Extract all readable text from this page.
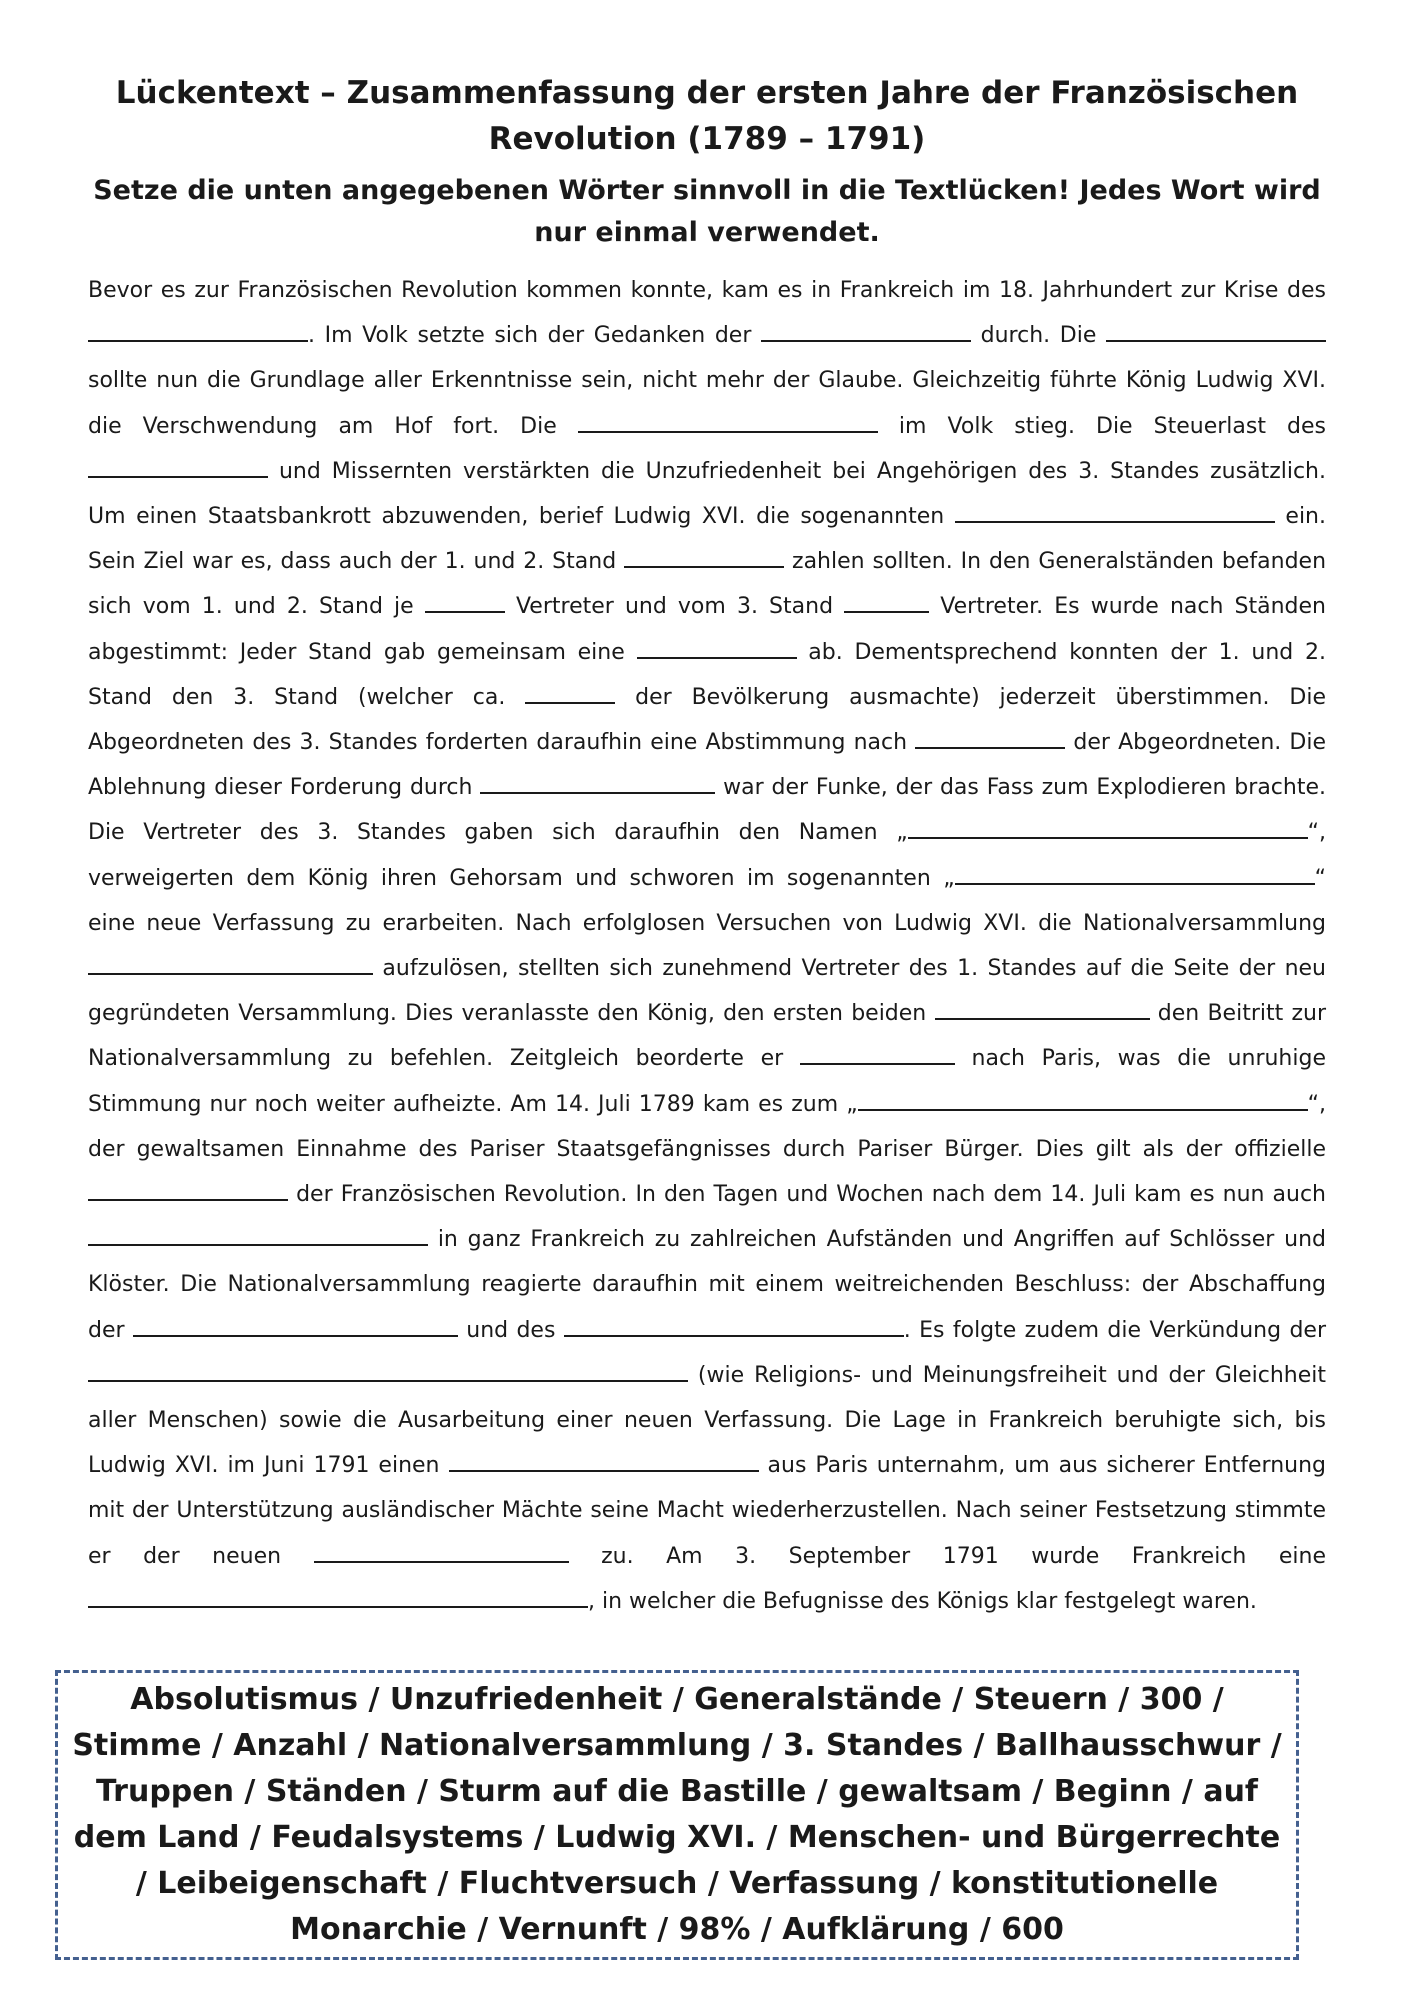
Lückentext – Zusammenfassung der ersten Jahre der Französischen Revolution (1789 – 1791)
Setze die unten angegebenen Wörter sinnvoll in die Textlücken! Jedes Wort wird nur einmal verwendet.

Bevor es zur Französischen Revolution kommen konnte, kam es in Frankreich im 18. Jahrhundert zur Krise des . Im Volk setzte sich der Gedanken der	durch. Die  sollte nun die Grundlage aller Erkenntnisse sein, nicht mehr der Glaube. Gleichzeitig führte König Ludwig XVI. die Verschwendung am Hof fort. Die	im Volk stieg. Die Steuerlast des  und Missernten verstärkten die Unzufriedenheit bei Angehörigen des 3. Standes zusätzlich. Um einen Staatsbankrott abzuwenden, berief Ludwig XVI. die sogenannten	ein. Sein Ziel war es, dass auch der 1. und 2. Stand	zahlen sollten. In den Generalständen befanden sich vom 1. und 2. Stand je	Vertreter und vom 3. Stand	Vertreter. Es wurde nach Ständen abgestimmt: Jeder Stand gab gemeinsam eine	ab. Dementsprechend konnten der 1. und 2. Stand den 3. Stand (welcher ca.	der Bevölkerung ausmachte) jederzeit überstimmen. Die Abgeordneten des 3. Standes forderten daraufhin eine Abstimmung nach	der Abgeordneten. Die Ablehnung dieser Forderung durch	war der Funke, der das Fass zum Explodieren brachte. Die Vertreter des 3. Standes gaben sich daraufhin den Namen „	“, verweigerten dem König ihren Gehorsam und schworen im sogenannten „	“ eine neue Verfassung zu erarbeiten. Nach erfolglosen Versuchen von Ludwig XVI. die Nationalversammlung  aufzulösen, stellten sich zunehmend Vertreter des 1. Standes auf die Seite der neu gegründeten Versammlung. Dies veranlasste den König, den ersten beiden	den Beitritt zur Nationalversammlung zu befehlen. Zeitgleich beorderte er	nach Paris, was die unruhige Stimmung nur noch weiter aufheizte. Am 14. Juli 1789 kam es zum „	“, der gewaltsamen Einnahme des Pariser Staatsgefängnisses durch Pariser Bürger. Dies gilt als der offizielle  der Französischen Revolution. In den Tagen und Wochen nach dem 14. Juli kam es nun auch  in ganz Frankreich zu zahlreichen Aufständen und Angriffen auf Schlösser und Klöster. Die Nationalversammlung reagierte daraufhin mit einem weitreichenden Beschluss: der Abschaffung der	und des	. Es folgte zudem die Verkündung der  (wie Religions- und Meinungsfreiheit und der Gleichheit aller Menschen) sowie die Ausarbeitung einer neuen Verfassung. Die Lage in Frankreich beruhigte sich, bis Ludwig XVI. im Juni 1791 einen	aus Paris unternahm, um aus sicherer Entfernung mit der Unterstützung ausländischer Mächte seine Macht wiederherzustellen. Nach seiner Festsetzung stimmte er der neuen	zu. Am 3. September 1791 wurde Frankreich eine , in welcher die Befugnisse des Königs klar festgelegt waren.

Absolutismus / Unzufriedenheit / Generalstände / Steuern / 300 / Stimme / Anzahl / Nationalversammlung / 3. Standes / Ballhausschwur / Truppen / Ständen / Sturm auf die Bastille / gewaltsam / Beginn / auf dem Land / Feudalsystems / Ludwig XVI. / Menschen- und Bürgerrechte / Leibeigenschaft / Fluchtversuch / Verfassung / konstitutionelle Monarchie / Vernunft / 98% / Aufklärung / 600
